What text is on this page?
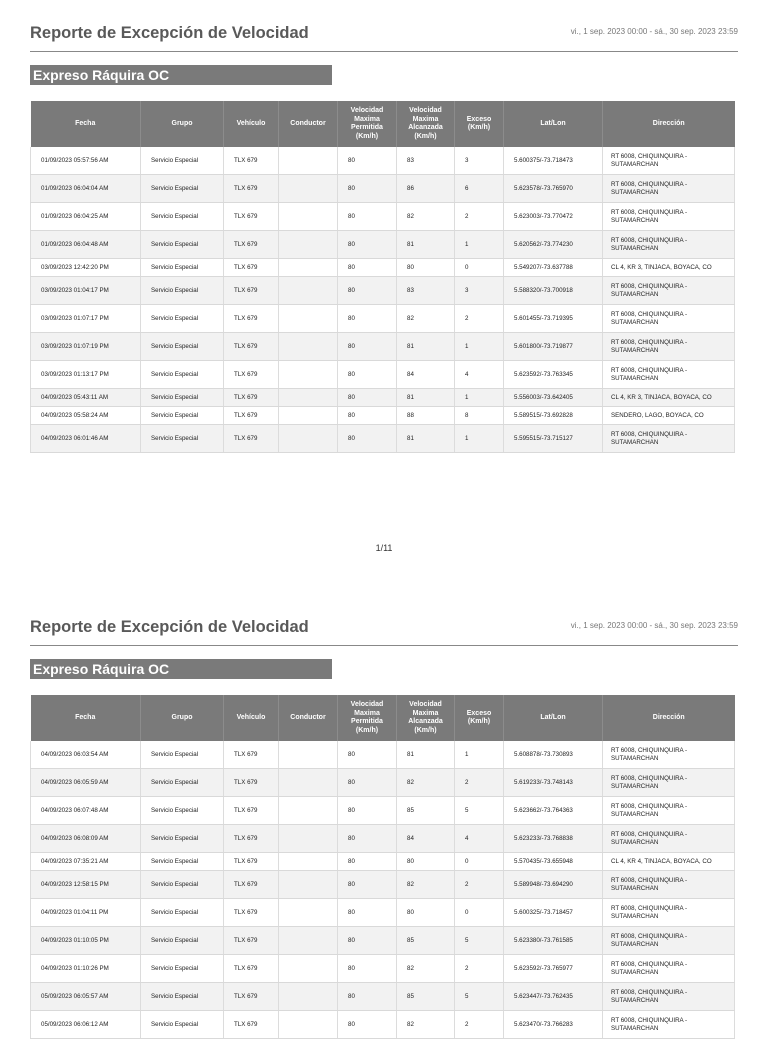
Reporte de Excepción de Velocidad	vi., 1 sep. 2023 00:00 - sá., 30 sep. 2023 23:59
Expreso Ráquira OC
Fecha	Grupo	Vehículo	Conductor	Velocidad Maxima Permitida (Km/h)	Velocidad Maxima Alcanzada (Km/h)	Exceso (Km/h)	Lat/Lon	Dirección
01/09/2023 05:57:56 AM	Servicio Especial	TLX 679		80	83	3	5.600375/-73.718473	RT 6008, CHIQUINQUIRA - SUTAMARCHAN
01/09/2023 06:04:04 AM	Servicio Especial	TLX 679		80	86	6	5.623578/-73.765970	RT 6008, CHIQUINQUIRA - SUTAMARCHAN
01/09/2023 06:04:25 AM	Servicio Especial	TLX 679		80	82	2	5.623003/-73.770472	RT 6008, CHIQUINQUIRA - SUTAMARCHAN
01/09/2023 06:04:48 AM	Servicio Especial	TLX 679		80	81	1	5.620562/-73.774230	RT 6008, CHIQUINQUIRA - SUTAMARCHAN
03/09/2023 12:42:20 PM	Servicio Especial	TLX 679		80	80	0	5.549207/-73.637788	CL 4, KR 3, TINJACA, BOYACA, CO
03/09/2023 01:04:17 PM	Servicio Especial	TLX 679		80	83	3	5.588320/-73.700918	RT 6008, CHIQUINQUIRA - SUTAMARCHAN
03/09/2023 01:07:17 PM	Servicio Especial	TLX 679		80	82	2	5.601455/-73.719395	RT 6008, CHIQUINQUIRA - SUTAMARCHAN
03/09/2023 01:07:19 PM	Servicio Especial	TLX 679		80	81	1	5.601800/-73.719877	RT 6008, CHIQUINQUIRA - SUTAMARCHAN
03/09/2023 01:13:17 PM	Servicio Especial	TLX 679		80	84	4	5.623592/-73.763345	RT 6008, CHIQUINQUIRA - SUTAMARCHAN
04/09/2023 05:43:11 AM	Servicio Especial	TLX 679		80	81	1	5.556003/-73.642405	CL 4, KR 3, TINJACA, BOYACA, CO
04/09/2023 05:58:24 AM	Servicio Especial	TLX 679		80	88	8	5.589515/-73.692828	SENDERO, LAGO, BOYACA, CO
04/09/2023 06:01:46 AM	Servicio Especial	TLX 679		80	81	1	5.595515/-73.715127	RT 6008, CHIQUINQUIRA - SUTAMARCHAN
1/11
Reporte de Excepción de Velocidad	vi., 1 sep. 2023 00:00 - sá., 30 sep. 2023 23:59
Expreso Ráquira OC
Fecha	Grupo	Vehículo	Conductor	Velocidad Maxima Permitida (Km/h)	Velocidad Maxima Alcanzada (Km/h)	Exceso (Km/h)	Lat/Lon	Dirección
04/09/2023 06:03:54 AM	Servicio Especial	TLX 679		80	81	1	5.608878/-73.730893	RT 6008, CHIQUINQUIRA - SUTAMARCHAN
04/09/2023 06:05:59 AM	Servicio Especial	TLX 679		80	82	2	5.619233/-73.748143	RT 6008, CHIQUINQUIRA - SUTAMARCHAN
04/09/2023 06:07:48 AM	Servicio Especial	TLX 679		80	85	5	5.623662/-73.764363	RT 6008, CHIQUINQUIRA - SUTAMARCHAN
04/09/2023 06:08:09 AM	Servicio Especial	TLX 679		80	84	4	5.623233/-73.768838	RT 6008, CHIQUINQUIRA - SUTAMARCHAN
04/09/2023 07:35:21 AM	Servicio Especial	TLX 679		80	80	0	5.570435/-73.655948	CL 4, KR 4, TINJACA, BOYACA, CO
04/09/2023 12:58:15 PM	Servicio Especial	TLX 679		80	82	2	5.589948/-73.694290	RT 6008, CHIQUINQUIRA - SUTAMARCHAN
04/09/2023 01:04:11 PM	Servicio Especial	TLX 679		80	80	0	5.600325/-73.718457	RT 6008, CHIQUINQUIRA - SUTAMARCHAN
04/09/2023 01:10:05 PM	Servicio Especial	TLX 679		80	85	5	5.623380/-73.761585	RT 6008, CHIQUINQUIRA - SUTAMARCHAN
04/09/2023 01:10:26 PM	Servicio Especial	TLX 679		80	82	2	5.623592/-73.765977	RT 6008, CHIQUINQUIRA - SUTAMARCHAN
05/09/2023 06:05:57 AM	Servicio Especial	TLX 679		80	85	5	5.623447/-73.762435	RT 6008, CHIQUINQUIRA - SUTAMARCHAN
05/09/2023 06:06:12 AM	Servicio Especial	TLX 679		80	82	2	5.623470/-73.766283	RT 6008, CHIQUINQUIRA - SUTAMARCHAN
